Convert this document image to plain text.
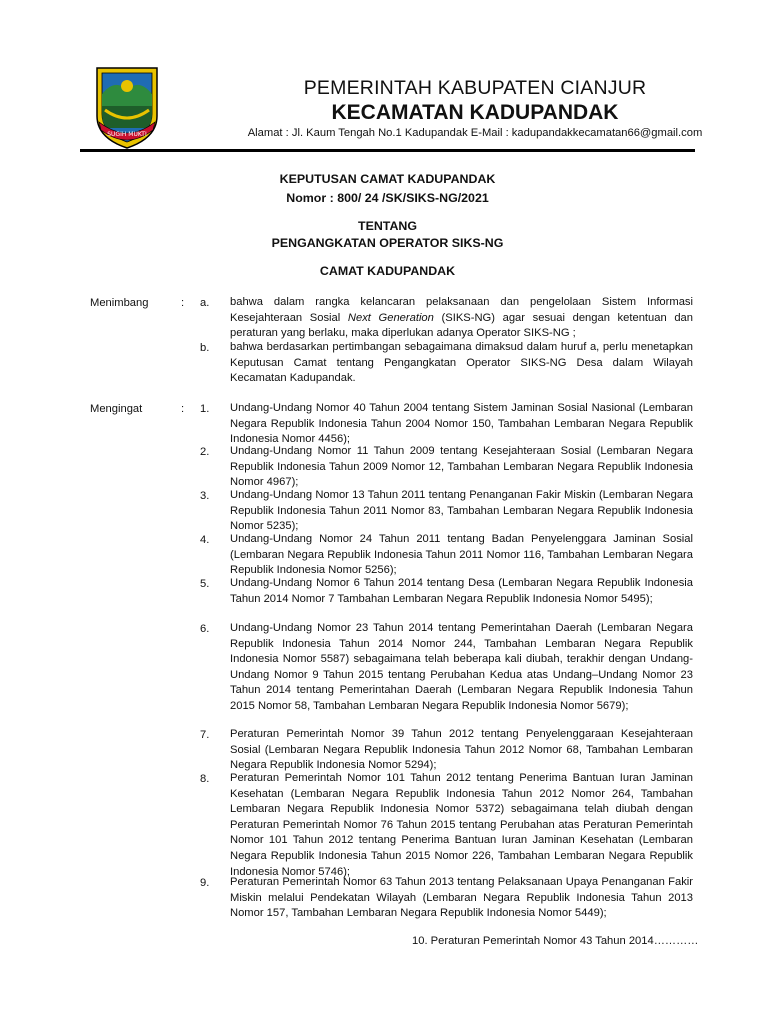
SUGIH MUKTI
PEMERINTAH KABUPATEN CIANJUR
KECAMATAN KADUPANDAK
Alamat : Jl. Kaum Tengah No.1 Kadupandak E-Mail : kadupandakkecamatan66@gmail.com
KEPUTUSAN CAMAT KADUPANDAK
Nomor : 800/ 24 /SK/SIKS-NG/2021
TENTANG
PENGANGKATAN OPERATOR SIKS-NG
CAMAT KADUPANDAK
Menimbang	: a. bahwa dalam rangka kelancaran pelaksanaan dan pengelolaan Sistem Informasi Kesejahteraan Sosial Next Generation (SIKS-NG) agar sesuai dengan ketentuan dan peraturan yang berlaku, maka diperlukan adanya Operator SIKS-NG ;
b. bahwa berdasarkan pertimbangan sebagaimana dimaksud dalam huruf a, perlu menetapkan Keputusan Camat tentang Pengangkatan Operator SIKS-NG Desa dalam Wilayah Kecamatan Kadupandak.
Mengingat	: 1. Undang-Undang Nomor 40 Tahun 2004 tentang Sistem Jaminan Sosial Nasional (Lembaran Negara Republik Indonesia Tahun 2004 Nomor 150, Tambahan Lembaran Negara Republik Indonesia Nomor 4456);
2. Undang-Undang Nomor 11 Tahun 2009 tentang Kesejahteraan Sosial (Lembaran Negara Republik Indonesia Tahun 2009 Nomor 12, Tambahan Lembaran Negara Republik Indonesia Nomor 4967);
3. Undang-Undang Nomor 13 Tahun 2011 tentang Penanganan Fakir Miskin (Lembaran Negara Republik Indonesia Tahun 2011 Nomor 83, Tambahan Lembaran Negara Republik Indonesia Nomor 5235);
4. Undang-Undang Nomor 24 Tahun 2011 tentang Badan Penyelenggara Jaminan Sosial (Lembaran Negara Republik Indonesia Tahun 2011 Nomor 116, Tambahan Lembaran Negara Republik Indonesia Nomor 5256);
5. Undang-Undang Nomor 6 Tahun 2014 tentang Desa (Lembaran Negara Republik Indonesia Tahun 2014 Nomor 7 Tambahan Lembaran Negara Republik Indonesia Nomor 5495);
6. Undang-Undang Nomor 23 Tahun 2014 tentang Pemerintahan Daerah (Lembaran Negara Republik Indonesia Tahun 2014 Nomor 244, Tambahan Lembaran Negara Republik Indonesia Nomor 5587) sebagaimana telah beberapa kali diubah, terakhir dengan Undang- Undang Nomor 9 Tahun 2015 tentang Perubahan Kedua atas Undang–Undang Nomor 23 Tahun 2014 tentang Pemerintahan Daerah (Lembaran Negara Republik Indonesia Tahun 2015 Nomor 58, Tambahan Lembaran Negara Republik Indonesia Nomor 5679);
7. Peraturan Pemerintah Nomor 39 Tahun 2012 tentang Penyelenggaraan Kesejahteraan Sosial (Lembaran Negara Republik Indonesia Tahun 2012 Nomor 68, Tambahan Lembaran Negara Republik Indonesia Nomor 5294);
8. Peraturan Pemerintah Nomor 101 Tahun 2012 tentang Penerima Bantuan Iuran Jaminan Kesehatan (Lembaran Negara Republik Indonesia Tahun 2012 Nomor 264, Tambahan Lembaran Negara Republik Indonesia Nomor 5372) sebagaimana telah diubah dengan Peraturan Pemerintah Nomor 76 Tahun 2015 tentang Perubahan atas Peraturan Pemerintah Nomor 101 Tahun 2012 tentang Penerima Bantuan Iuran Jaminan Kesehatan (Lembaran Negara Republik Indonesia Tahun 2015 Nomor 226, Tambahan Lembaran Negara Republik Indonesia Nomor 5746);
9. Peraturan Pemerintah Nomor 63 Tahun 2013 tentang Pelaksanaan Upaya Penanganan Fakir Miskin melalui Pendekatan Wilayah (Lembaran Negara Republik Indonesia Tahun 2013 Nomor 157, Tambahan Lembaran Negara Republik Indonesia Nomor 5449);
10. Peraturan Pemerintah Nomor 43 Tahun 2014…………
